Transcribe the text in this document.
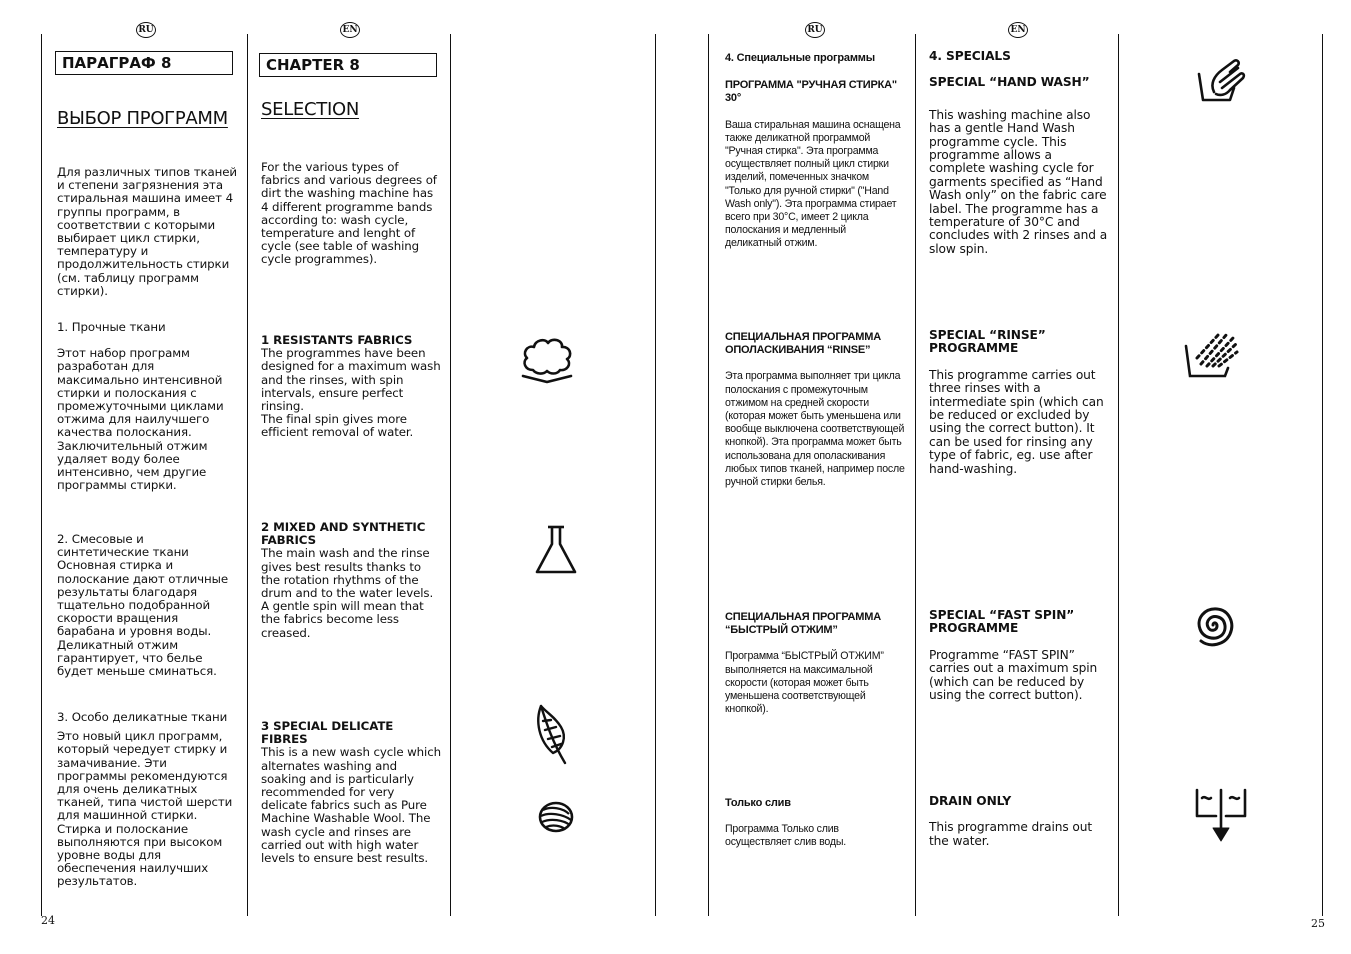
RU	EN	RU	EN
ПАРАГРАФ 8
ВЫБОР ПРОГРАММ

Для различных типов тканей и степени загрязнения эта стиральная машина имеет 4 группы программ, в соответствии с которыми выбирает цикл стирки, температуру и продолжительность стирки (см. таблицу программ стирки).

1. Прочные ткани

Этот набор программ разработан для максимально интенсивной стирки и полоскания с промежуточными циклами отжима для наилучшего качества полоскания. Заключительный отжим удаляет воду более интенсивно, чем другие программы стирки.

2. Смесовые и синтетические ткани

Основная стирка и полоскание дают отличные результаты благодаря тщательно подобранной скорости вращения барабана и уровня воды. Деликатный отжим гарантирует, что белье будет меньше сминаться.

3. Особо деликатные ткани

Это новый цикл программ, который чередует стирку и замачивание. Эти программы рекомендуются для очень деликатных тканей, типа чистой шерсти для машинной стирки. Стирка и полоскание выполняются при высоком уровне воды для обеспечения наилучших результатов.

24
CHAPTER 8
SELECTION

For the various types of fabrics and various degrees of dirt the washing machine has 4 different programme bands according to: wash cycle, temperature and lenght of cycle (see table of washing cycle programmes).

1 RESISTANTS FABRICS

The programmes have been designed for a maximum wash and the rinses, with spin intervals, ensure perfect rinsing.

The final spin gives more efficient removal of water.

2 MIXED AND SYNTHETIC FABRICS

The main wash and the rinse gives best results thanks to the rotation rhythms of the drum and to the water levels.

A gentle spin will mean that the fabrics become less creased.

3 SPECIAL DELICATE FIBRES

This is a new wash cycle which alternates washing and soaking and is particularly recommended for very delicate fabrics such as Pure Machine Washable Wool. The wash cycle and rinses are carried out with high water levels to ensure best results.

4. Специальные программы
ПРОГРАММА "РУЧНАЯ СТИРКА" 30°

Ваша стиральная машина оснащена также деликатной программой "Ручная стирка". Эта программа осуществляет полный цикл стирки изделий, помеченных значком "Только для ручной стирки" ("Hand Wash only"). Эта программа стирает всего при 30°С, имеет 2 цикла полоскания и медленный деликатный отжим.

СПЕЦИАЛЬНАЯ ПРОГРАММА ОПОЛАСКИВАНИЯ “RINSE”

Эта программа выполняет три цикла полоскания с промежуточным отжимом на средней скорости (которая может быть уменьшена или вообще выключена соответствующей кнопкой). Эта программа может быть использована для ополаскивания любых типов тканей, например после ручной стирки белья.

СПЕЦИАЛЬНАЯ ПРОГРАММА “БЫСТРЫЙ ОТЖИМ”

Программа “БЫСТРЫЙ ОТЖИМ” выполняется на максимальной скорости (которая может быть уменьшена соответствующей кнопкой).

Только слив

Программа Только слив осуществляет слив воды.

4. SPECIALS
SPECIAL “HAND WASH”

This washing machine also has a gentle Hand Wash programme cycle. This programme allows a complete washing cycle for garments specified as “Hand Wash only” on the fabric care label. The programme has a temperature of 30°C and concludes with 2 rinses and a slow spin.

SPECIAL “RINSE” PROGRAMME

This programme carries out three rinses with a intermediate spin (which can be reduced or excluded by using the correct button). It can be used for rinsing any type of fabric, eg. use after hand-washing.

SPECIAL “FAST SPIN” PROGRAMME

Programme “FAST SPIN” carries out a maximum spin (which can be reduced by using the correct button).

DRAIN ONLY

This programme drains out the water.

25
